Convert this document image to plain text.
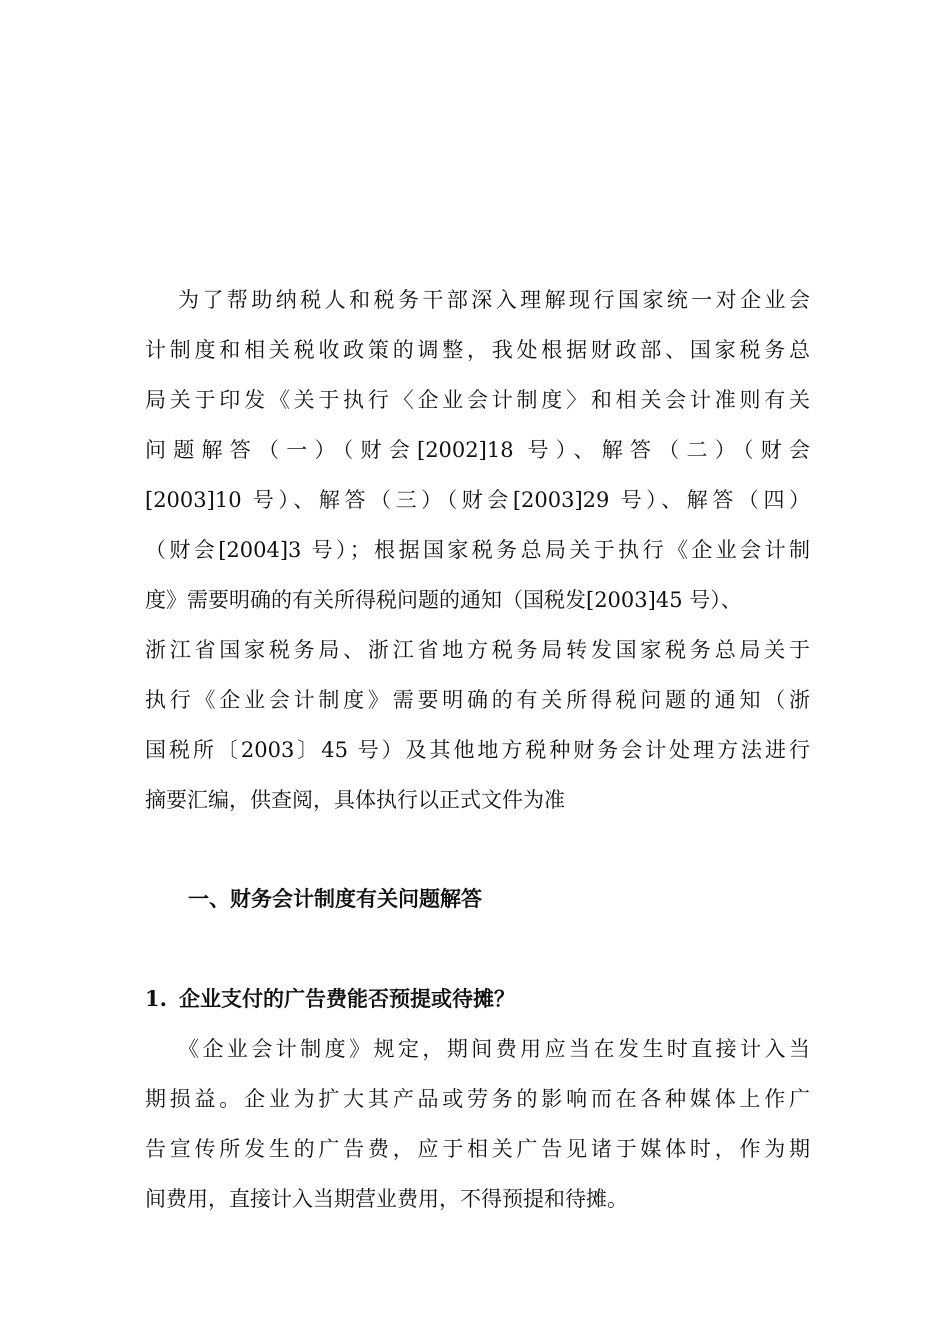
为了帮助纳税人和税务干部深入理解现行国家统一对企业会
计制度和相关税收政策的调整，我处根据财政部、国家税务总
局关于印发《关于执行〈企业会计制度〉和相关会计准则有关
问题解答（一）（财会[2002]18 号）、解答（二）（财会
[2003]10 号）、解答（三）（财会[2003]29 号）、解答（四）
（财会[2004]3 号）；根据国家税务总局关于执行《企业会计制
度》需要明确的有关所得税问题的通知（国税发[2003]45 号）、
浙江省国家税务局、浙江省地方税务局转发国家税务总局关于
执行《企业会计制度》需要明确的有关所得税问题的通知（浙
国税所〔2003〕45 号）及其他地方税种财务会计处理方法进行
摘要汇编，供查阅，具体执行以正式文件为准
一、财务会计制度有关问题解答
1. 企业支付的广告费能否预提或待摊？
《企业会计制度》规定，期间费用应当在发生时直接计入当
期损益。企业为扩大其产品或劳务的影响而在各种媒体上作广
告宣传所发生的广告费，应于相关广告见诸于媒体时，作为期
间费用，直接计入当期营业费用，不得预提和待摊。
